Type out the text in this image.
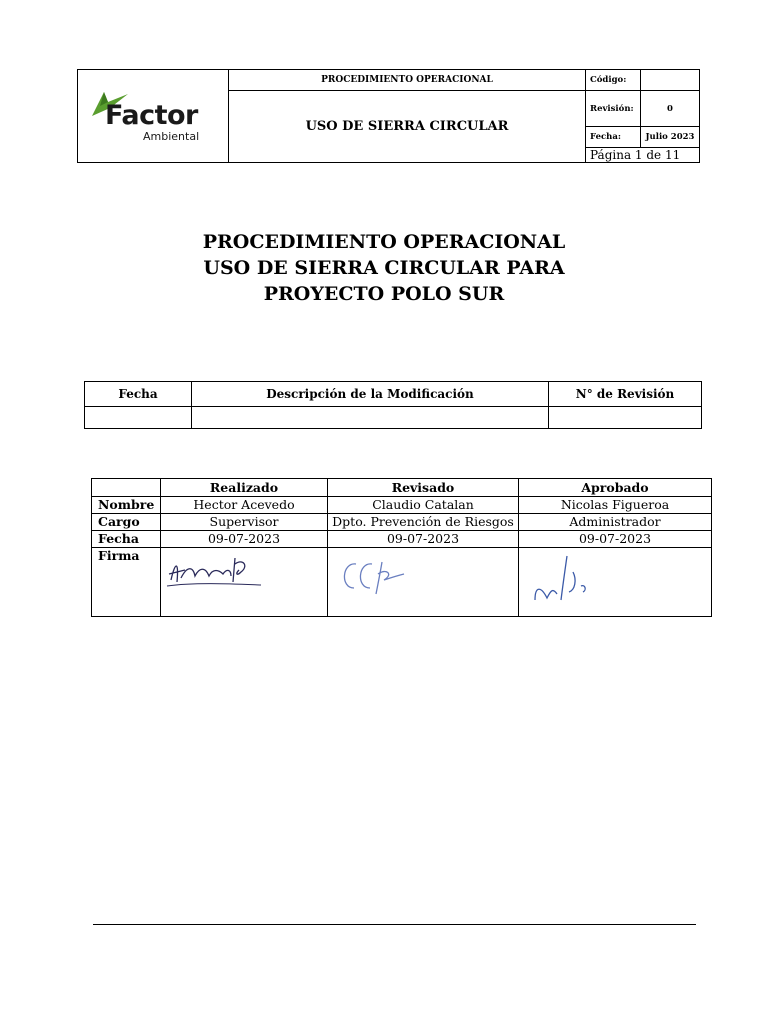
Factor
Ambiental	PROCEDIMIENTO OPERACIONAL	Código:	
	USO DE SIERRA CIRCULAR	Revisión:	0
		Fecha:	Julio 2023
		Página 1 de 11	
PROCEDIMIENTO OPERACIONAL
USO DE SIERRA CIRCULAR PARA
PROYECTO POLO SUR
Fecha	Descripción de la Modificación	N° de Revisión

	Realizado	Revisado	Aprobado
Nombre	Hector Acevedo	Claudio Catalan	Nicolas Figueroa
Cargo	Supervisor	Dpto. Prevención de Riesgos	Administrador
Fecha	09-07-2023	09-07-2023	09-07-2023
Firma	
